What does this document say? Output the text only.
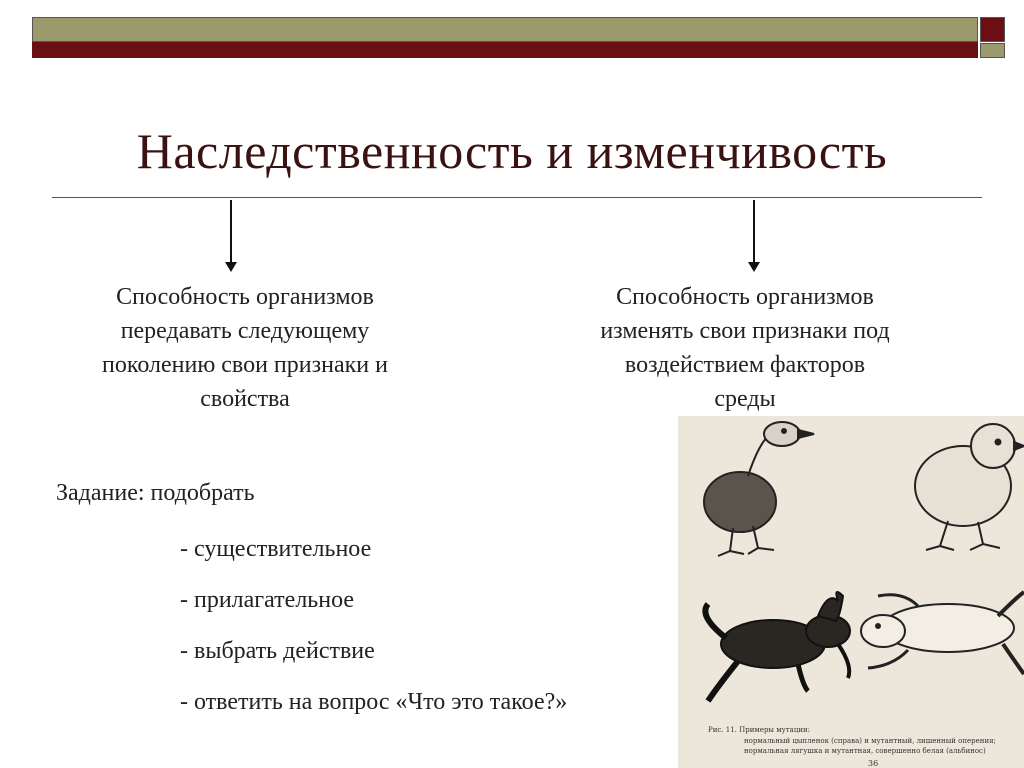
Наследственность и изменчивость
Способность организмов
передавать следующему
поколению свои признаки и
свойства
Способность организмов
изменять свои признаки под
воздействием факторов
среды
Задание: подобрать
- существительное
- прилагательное
- выбрать действие
- ответить на вопрос «Что это такое?»
Рис. 11. Примеры мутации:
нормальный цыпленок (справа) и мутантный, лишенный оперения;
нормальная лягушка и мутантная, совершенно белая (альбинос)
36
